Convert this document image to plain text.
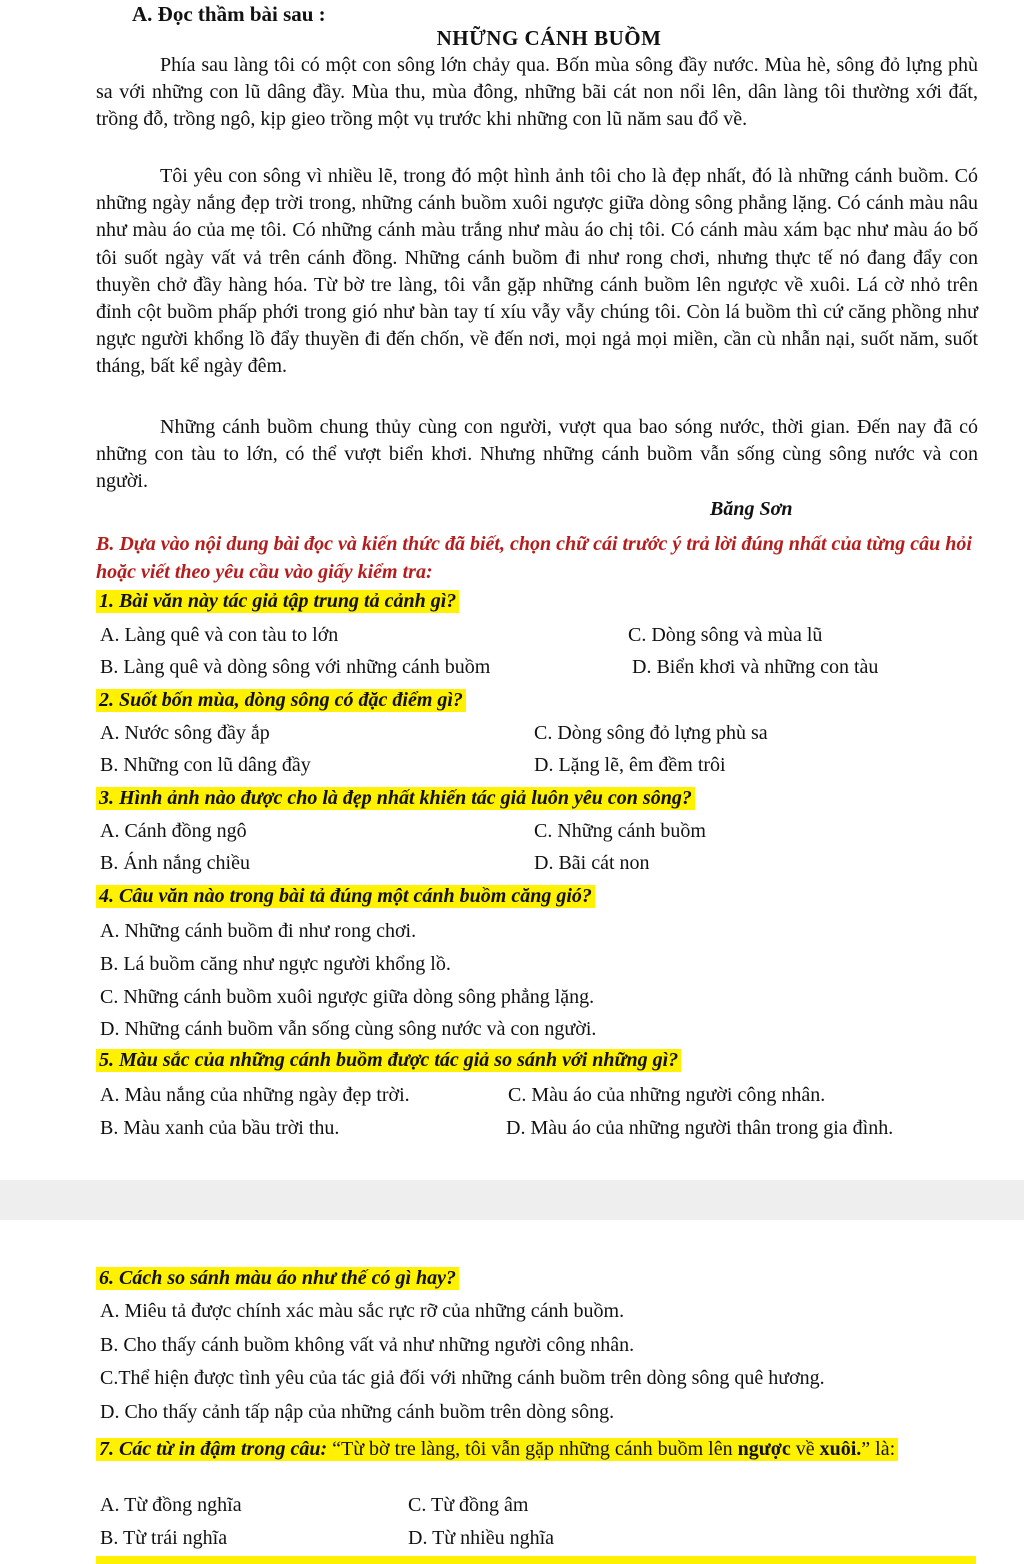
A. Đọc thầm bài sau :
NHỮNG CÁNH BUỒM
Phía sau làng tôi có một con sông lớn chảy qua. Bốn mùa sông đầy nước. Mùa hè, sông đỏ lựng phù sa với những con lũ dâng đầy. Mùa thu, mùa đông, những bãi cát non nổi lên, dân làng tôi thường xới đất, trồng đỗ, trồng ngô, kịp gieo trồng một vụ trước khi những con lũ năm sau đổ về.
Tôi yêu con sông vì nhiều lẽ, trong đó một hình ảnh tôi cho là đẹp nhất, đó là những cánh buồm. Có những ngày nắng đẹp trời trong, những cánh buồm xuôi ngược giữa dòng sông phẳng lặng. Có cánh màu nâu như màu áo của mẹ tôi. Có những cánh màu trắng như màu áo chị tôi. Có cánh màu xám bạc như màu áo bố tôi suốt ngày vất vả trên cánh đồng. Những cánh buồm đi như rong chơi, nhưng thực tế nó đang đẩy con thuyền chở đầy hàng hóa. Từ bờ tre làng, tôi vẫn gặp những cánh buồm lên ngược về xuôi. Lá cờ nhỏ trên đỉnh cột buồm phấp phới trong gió như bàn tay tí xíu vẫy vẫy chúng tôi. Còn lá buồm thì cứ căng phồng như ngực người khổng lồ đẩy thuyền đi đến chốn, về đến nơi, mọi ngả mọi miền, cần cù nhẫn nại, suốt năm, suốt tháng, bất kể ngày đêm.
Những cánh buồm chung thủy cùng con người, vượt qua bao sóng nước, thời gian. Đến nay đã có những con tàu to lớn, có thể vượt biển khơi. Nhưng những cánh buồm vẫn sống cùng sông nước và con người.
Băng Sơn
B. Dựa vào nội dung bài đọc và kiến thức đã biết, chọn chữ cái trước ý trả lời đúng nhất của từng câu hỏi hoặc viết theo yêu cầu vào giấy kiểm tra:
1. Bài văn này tác giả tập trung tả cảnh gì?
A. Làng quê và con tàu to lớn	C. Dòng sông và mùa lũ
B. Làng quê và dòng sông với những cánh buồm	D. Biển khơi và những con tàu
2. Suốt bốn mùa, dòng sông có đặc điểm gì?
A. Nước sông đầy ắp	C. Dòng sông đỏ lựng phù sa
B. Những con lũ dâng đầy	D. Lặng lẽ, êm đềm trôi
3. Hình ảnh nào được cho là đẹp nhất khiến tác giả luôn yêu con sông?
A. Cánh đồng ngô	C. Những cánh buồm
B. Ánh nắng chiều	D. Bãi cát non
4. Câu văn nào trong bài tả đúng một cánh buồm căng gió?
A. Những cánh buồm đi như rong chơi.
B. Lá buồm căng như ngực người khổng lồ.
C. Những cánh buồm xuôi ngược giữa dòng sông phẳng lặng.
D. Những cánh buồm vẫn sống cùng sông nước và con người.
5. Màu sắc của những cánh buồm được tác giả so sánh với những gì?
A. Màu nắng của những ngày đẹp trời.	C. Màu áo của những người công nhân.
B. Màu xanh của bầu trời thu.	D. Màu áo của những người thân trong gia đình.
6. Cách so sánh màu áo như thế có gì hay?
A. Miêu tả được chính xác màu sắc rực rỡ của những cánh buồm.
B. Cho thấy cánh buồm không vất vả như những người công nhân.
C.Thể hiện được tình yêu của tác giả đối với những cánh buồm trên dòng sông quê hương.
D. Cho thấy cảnh tấp nập của những cánh buồm trên dòng sông.
7. Các từ in đậm trong câu: “Từ bờ tre làng, tôi vẫn gặp những cánh buồm lên ngược về xuôi.” là:
A. Từ đồng nghĩa	C. Từ đồng âm
B. Từ trái nghĩa	D. Từ nhiều nghĩa
